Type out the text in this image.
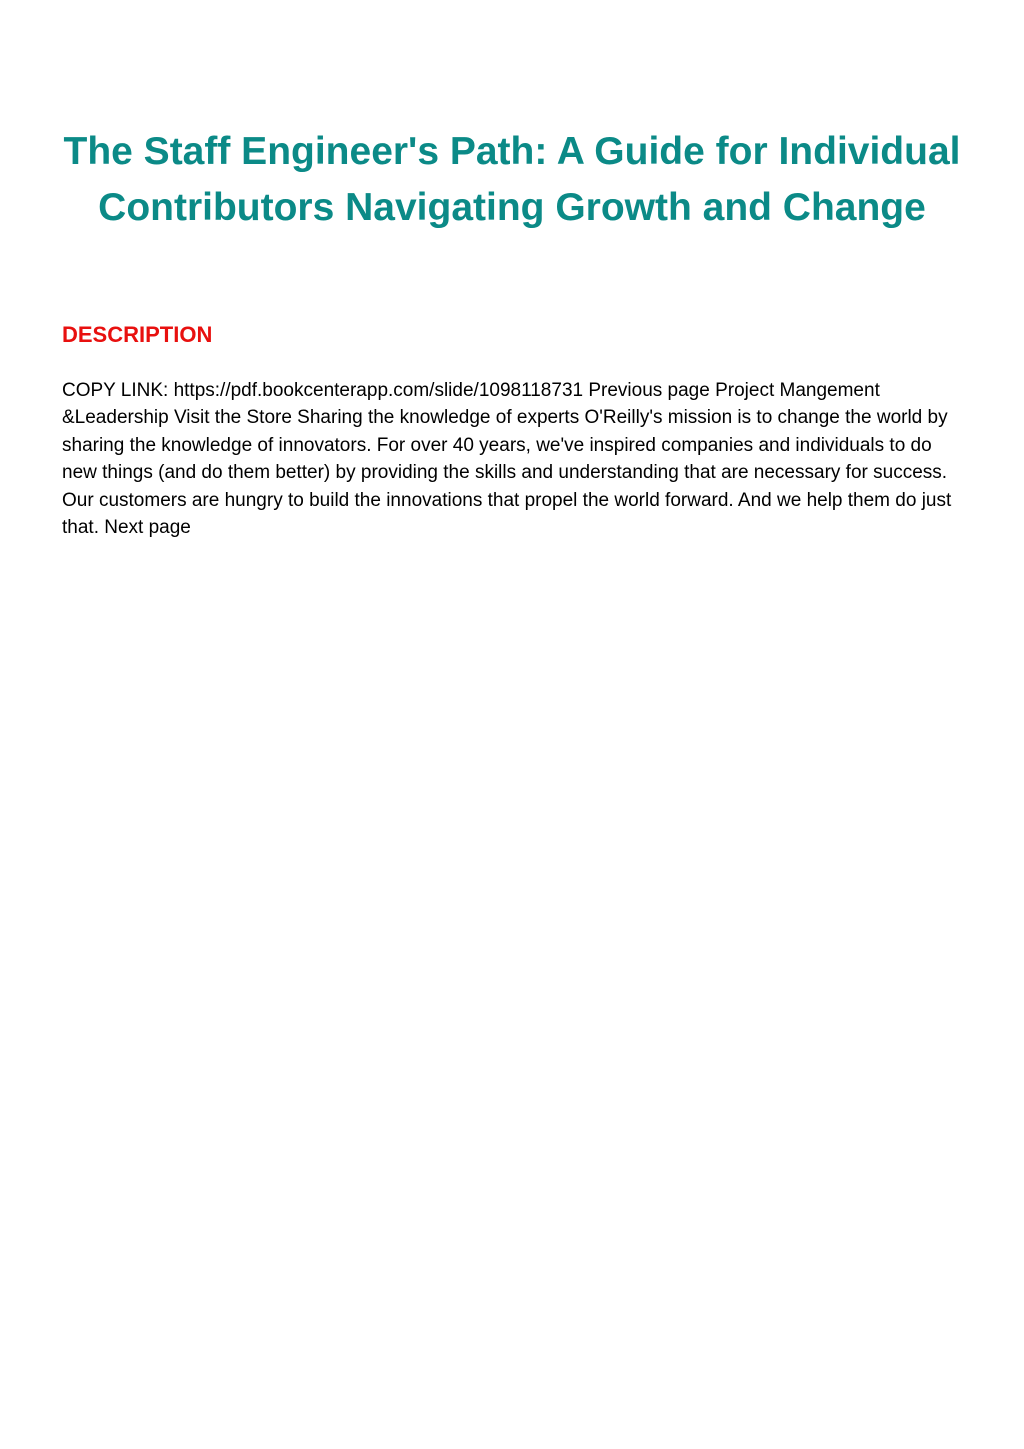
The Staff Engineer's Path: A Guide for Individual Contributors Navigating Growth and Change
DESCRIPTION

COPY LINK: https://pdf.bookcenterapp.com/slide/1098118731 Previous page Project Mangement &Leadership Visit the Store Sharing the knowledge of experts O'Reilly's mission is to change the world by sharing the knowledge of innovators. For over 40 years, we've inspired companies and individuals to do new things (and do them better) by providing the skills and understanding that are necessary for success. Our customers are hungry to build the innovations that propel the world forward. And we help them do just that. Next page
